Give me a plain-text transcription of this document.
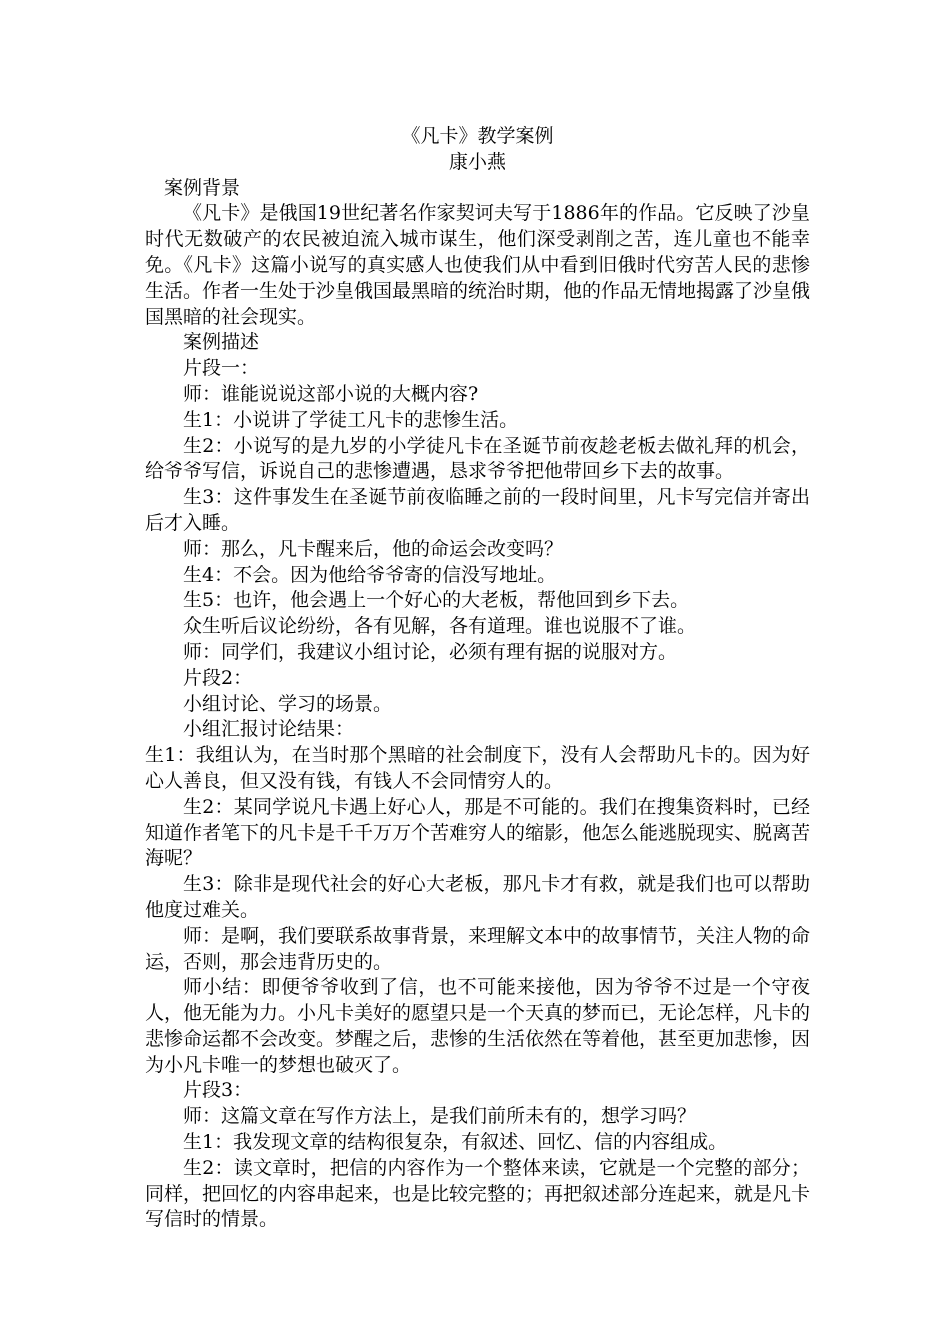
《凡卡》教学案例

康小燕

案例背景

《凡卡》是俄国19世纪著名作家契诃夫写于1886年的作品。它反映了沙皇时代无数破产的农民被迫流入城市谋生，他们深受剥削之苦，连儿童也不能幸免。《凡卡》这篇小说写的真实感人也使我们从中看到旧俄时代穷苦人民的悲惨生活。作者一生处于沙皇俄国最黑暗的统治时期，他的作品无情地揭露了沙皇俄国黑暗的社会现实。

案例描述

片段一：

师：谁能说说这部小说的大概内容?

生1：小说讲了学徒工凡卡的悲惨生活。

生2：小说写的是九岁的小学徒凡卡在圣诞节前夜趁老板去做礼拜的机会，给爷爷写信，诉说自己的悲惨遭遇，恳求爷爷把他带回乡下去的故事。

生3：这件事发生在圣诞节前夜临睡之前的一段时间里，凡卡写完信并寄出后才入睡。

师：那么，凡卡醒来后，他的命运会改变吗？

生4：不会。因为他给爷爷寄的信没写地址。

生5：也许，他会遇上一个好心的大老板，帮他回到乡下去。

众生听后议论纷纷，各有见解，各有道理。谁也说服不了谁。

师：同学们，我建议小组讨论，必须有理有据的说服对方。

片段2：

小组讨论、学习的场景。

小组汇报讨论结果：

生1：我组认为，在当时那个黑暗的社会制度下，没有人会帮助凡卡的。因为好心人善良，但又没有钱，有钱人不会同情穷人的。

生2：某同学说凡卡遇上好心人，那是不可能的。我们在搜集资料时，已经知道作者笔下的凡卡是千千万万个苦难穷人的缩影，他怎么能逃脱现实、脱离苦海呢？

生3：除非是现代社会的好心大老板，那凡卡才有救，就是我们也可以帮助他度过难关。

师：是啊，我们要联系故事背景，来理解文本中的故事情节，关注人物的命运，否则，那会违背历史的。

师小结：即便爷爷收到了信，也不可能来接他，因为爷爷不过是一个守夜人，他无能为力。小凡卡美好的愿望只是一个天真的梦而已，无论怎样，凡卡的悲惨命运都不会改变。梦醒之后，悲惨的生活依然在等着他，甚至更加悲惨，因为小凡卡唯一的梦想也破灭了。

片段3：

师：这篇文章在写作方法上，是我们前所未有的，想学习吗？

生1：我发现文章的结构很复杂，有叙述、回忆、信的内容组成。

生2：读文章时，把信的内容作为一个整体来读，它就是一个完整的部分；同样，把回忆的内容串起来，也是比较完整的；再把叙述部分连起来，就是凡卡写信时的情景。
